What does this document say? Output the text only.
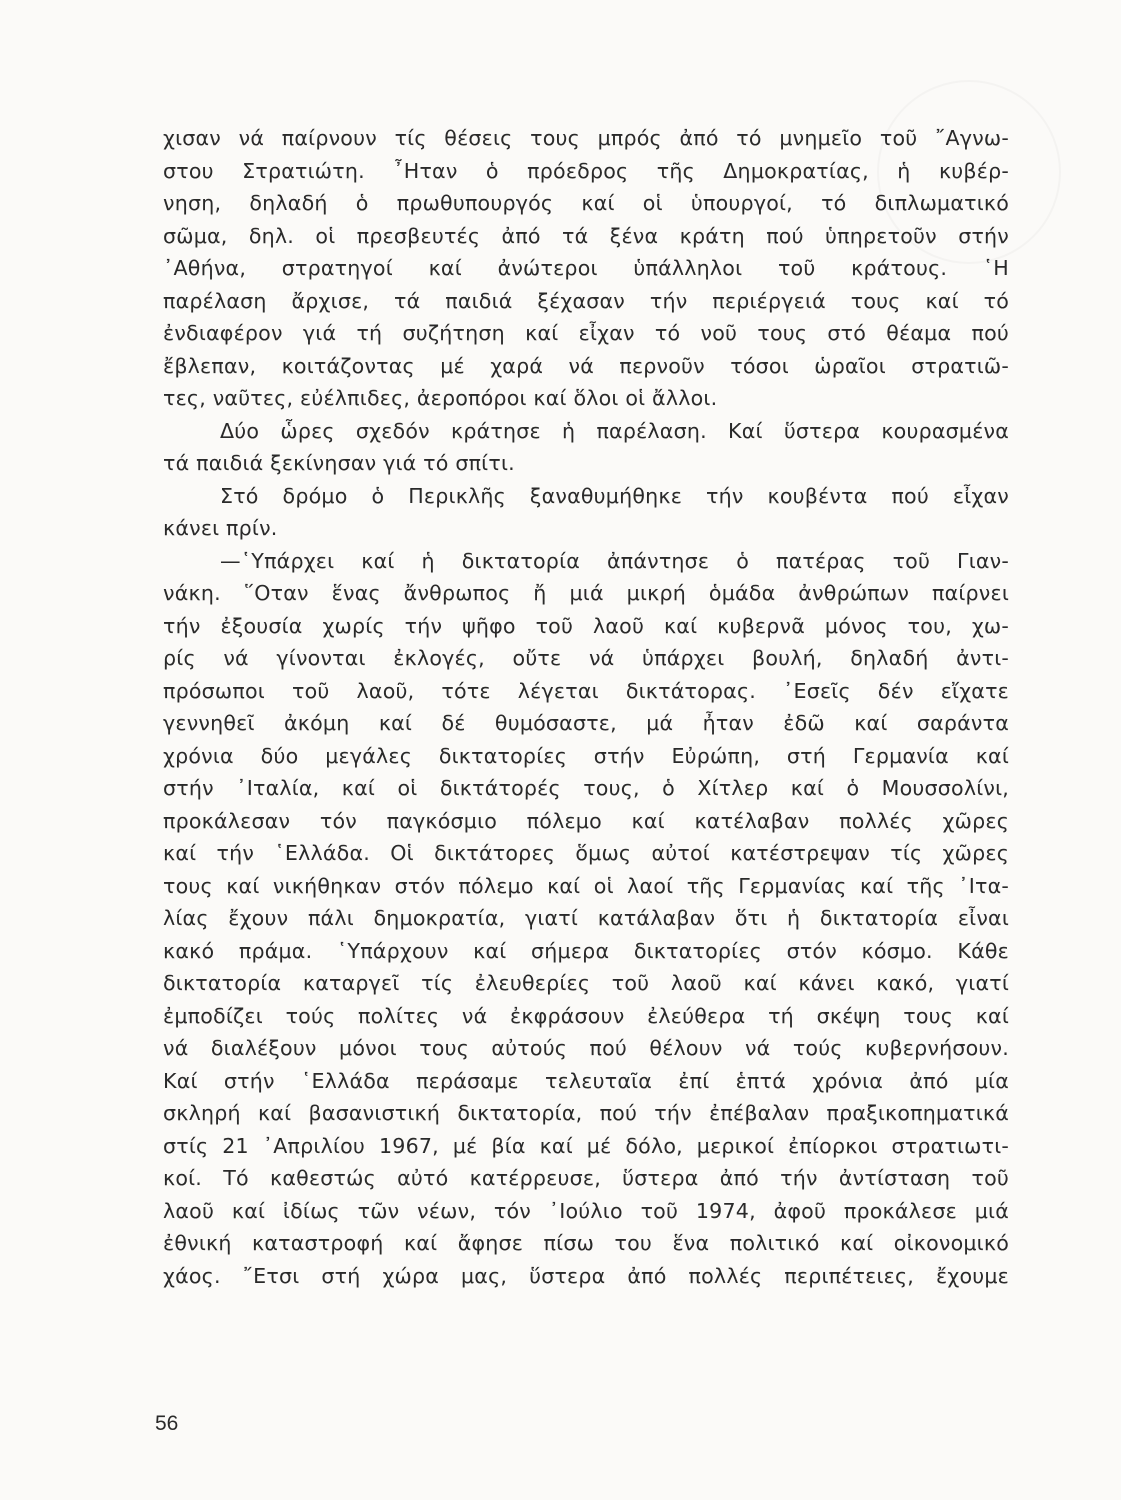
χισαν νά παίρνουν τίς θέσεις τους μπρός ἀπό τό μνημεῖο τοῦ ῎Αγνω-
στου Στρατιώτη. ῏Ηταν ὁ πρόεδρος τῆς Δημοκρατίας, ἡ κυβέρ-
νηση, δηλαδή ὁ πρωθυπουργός καί οἱ ὑπουργοί, τό διπλωματικό
σῶμα, δηλ. οἱ πρεσβευτές ἀπό τά ξένα κράτη πού ὑπηρετοῦν στήν
᾿Αθήνα, στρατηγοί καί ἀνώτεροι ὑπάλληλοι τοῦ κράτους. ῾Η
παρέλαση ἄρχισε, τά παιδιά ξέχασαν τήν περιέργειά τους καί τό
ἐνδιαφέρον γιά τή συζήτηση καί εἶχαν τό νοῦ τους στό θέαμα πού
ἔβλεπαν, κοιτάζοντας μέ χαρά νά περνοῦν τόσοι ὡραῖοι στρατιῶ-
τες, ναῦτες, εὐέλπιδες, ἀεροπόροι καί ὅλοι οἱ ἄλλοι.
Δύο ὧρες σχεδόν κράτησε ἡ παρέλαση. Καί ὕστερα κουρασμένα
τά παιδιά ξεκίνησαν γιά τό σπίτι.
Στό δρόμο ὁ Περικλῆς ξαναθυμήθηκε τήν κουβέντα πού εἶχαν
κάνει πρίν.
—῾Υπάρχει καί ἡ δικτατορία ἀπάντησε ὁ πατέρας τοῦ Γιαν-
νάκη. ῞Οταν ἕνας ἄνθρωπος ἤ μιά μικρή ὁμάδα ἀνθρώπων παίρνει
τήν ἐξουσία χωρίς τήν ψῆφο τοῦ λαοῦ καί κυβερνᾶ μόνος του, χω-
ρίς νά γίνονται ἐκλογές, οὔτε νά ὑπάρχει βουλή, δηλαδή ἀντι-
πρόσωποι τοῦ λαοῦ, τότε λέγεται δικτάτορας. ᾿Εσεῖς δέν εἴχατε
γεννηθεῖ ἀκόμη καί δέ θυμόσαστε, μά ἦταν ἐδῶ καί σαράντα
χρόνια δύο μεγάλες δικτατορίες στήν Εὐρώπη, στή Γερμανία καί
στήν ᾿Ιταλία, καί οἱ δικτάτορές τους, ὁ Χίτλερ καί ὁ Μουσσολίνι,
προκάλεσαν τόν παγκόσμιο πόλεμο καί κατέλαβαν πολλές χῶρες
καί τήν ῾Ελλάδα. Οἱ δικτάτορες ὅμως αὐτοί κατέστρεψαν τίς χῶρες
τους καί νικήθηκαν στόν πόλεμο καί οἱ λαοί τῆς Γερμανίας καί τῆς ᾿Ιτα-
λίας ἔχουν πάλι δημοκρατία, γιατί κατάλαβαν ὅτι ἡ δικτατορία εἶναι
κακό πράμα. ῾Υπάρχουν καί σήμερα δικτατορίες στόν κόσμο. Κάθε
δικτατορία καταργεῖ τίς ἐλευθερίες τοῦ λαοῦ καί κάνει κακό, γιατί
ἐμποδίζει τούς πολίτες νά ἐκφράσουν ἐλεύθερα τή σκέψη τους καί
νά διαλέξουν μόνοι τους αὐτούς πού θέλουν νά τούς κυβερνήσουν.
Καί στήν ῾Ελλάδα περάσαμε τελευταῖα ἐπί ἑπτά χρόνια ἀπό μία
σκληρή καί βασανιστική δικτατορία, πού τήν ἐπέβαλαν πραξικοπηματικά
στίς 21 ᾿Απριλίου 1967, μέ βία καί μέ δόλο, μερικοί ἐπίορκοι στρατιωτι-
κοί. Τό καθεστώς αὐτό κατέρρευσε, ὕστερα ἀπό τήν ἀντίσταση τοῦ
λαοῦ καί ἰδίως τῶν νέων, τόν ᾿Ιούλιο τοῦ 1974, ἀφοῦ προκάλεσε μιά
ἐθνική καταστροφή καί ἄφησε πίσω του ἕνα πολιτικό καί οἰκονομικό
χάος. ῎Ετσι στή χώρα μας, ὕστερα ἀπό πολλές περιπέτειες, ἔχουμε
56
